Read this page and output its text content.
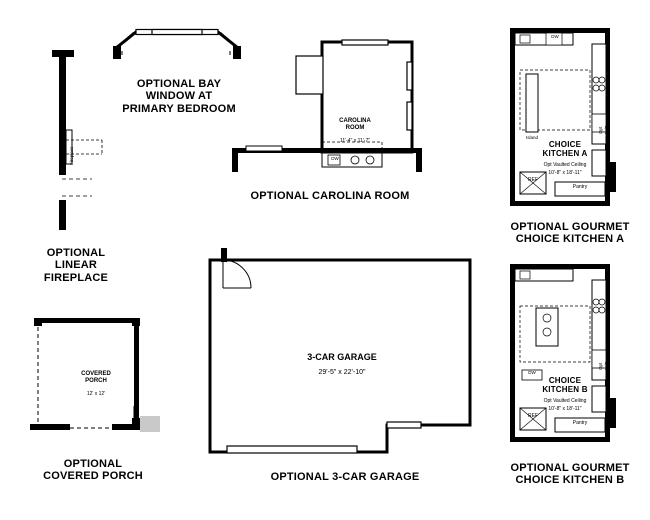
OPTIONAL BAY
WINDOW AT
PRIMARY BEDROOM
Fireplace
OPTIONAL
LINEAR
FIREPLACE
CAROLINA
ROOM
11'-4" x 11'-7"
DW
OPTIONAL CAROLINA ROOM
COVERED
PORCH
12' x 12'
OPTIONAL
COVERED PORCH
3-CAR GARAGE
29'-5" x 22'-10"
OPTIONAL 3-CAR GARAGE
DW
Island
Opt W/D
REF
Pantry
CHOICE
KITCHEN A
Opt Vaulted Ceiling
10'-8" x 18'-11"
OPTIONAL GOURMET
CHOICE KITCHEN A
DW
Opt W/D
REF
Pantry
CHOICE
KITCHEN B
Opt Vaulted Ceiling
10'-8" x 18'-11"
OPTIONAL GOURMET
CHOICE KITCHEN B
